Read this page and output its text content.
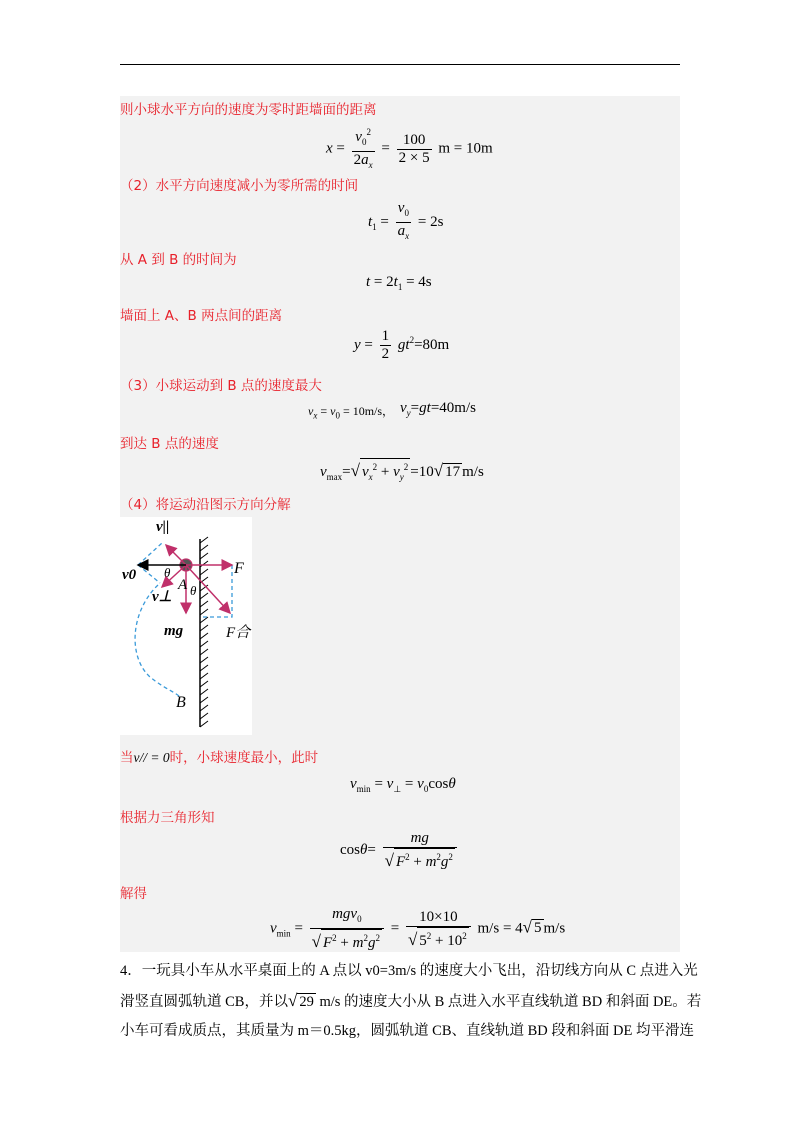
则小球水平方向的速度为零时距墙面的距离
$x = \frac{v_0^2}{2a_x} = \frac{100}{2 \times 5}$ m = 10m
（2）水平方向速度减小为零所需的时间
$t_1 = \frac{v_0}{a_x} = 2s$
从 A 到 B 的时间为
$t = 2t_1 = 4s$
墙面上 A、B 两点间的距离
$y = \frac{1}{2} gt^2=80m$
（3）小球运动到 B 点的速度最大
$v_x = v_0 = 10m/s$， $v_y=gt=40m/s$
到达 B 点的速度
$v_{max}=√$ $v_x^2 + v_y^2 =10√$ 17 m/s
（4）将运动沿图示方向分解
v||
v0 θ
A θ
F
v⊥
mg	F合
B
当v// = 0时，小球速度最小，此时
$v_{min} = v_\perp = v_0\cos\theta$
根据力三角形知
$\cos\theta= \frac{mg}{√ F^2 + m^2g^2}$
解得
$v_{min} = \frac{mgv_0}{√ F^2 + m^2g^2} = \frac{10\times 10}{√ 5^2 + 10^2} m/s = 4√$ 5 m/s
4．一玩具小车从水平桌面上的 A 点以 v0=3m/s 的速度大小飞出，沿切线方向从 C 点进入光
滑竖直圆弧轨道 CB，并以√ 29 m/s 的速度大小从 B 点进入水平直线轨道 BD 和斜面 DE。若
小车可看成质点，其质量为 m＝0.5kg，圆弧轨道 CB、直线轨道 BD 段和斜面 DE 均平滑连
